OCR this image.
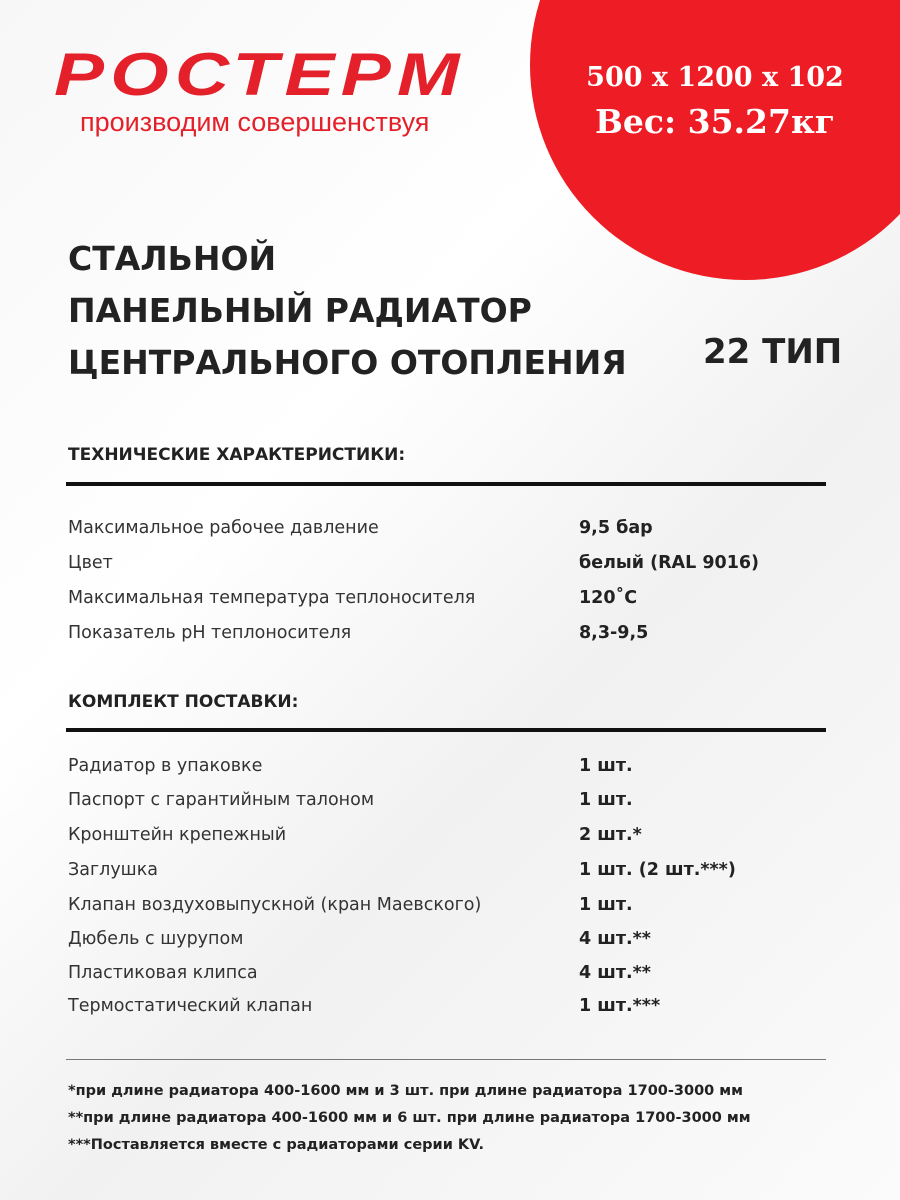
500 x 1200 x 102
Вес: 35.27кг
РОСТЕРМ
производим совершенствуя
СТАЛЬНОЙ
ПАНЕЛЬНЫЙ РАДИАТОР
ЦЕНТРАЛЬНОГО ОТОПЛЕНИЯ 22 ТИП
ТЕХНИЧЕСКИЕ ХАРАКТЕРИСТИКИ:
Максимальное рабочее давление	9,5 бар
Цвет	белый (RAL 9016)
Максимальная температура теплоносителя	120˚С
Показатель pH теплоносителя	8,3-9,5
КОМПЛЕКТ ПОСТАВКИ:
Радиатор в упаковке	1 шт.
Паспорт с гарантийным талоном	1 шт.
Кронштейн крепежный	2 шт.*
Заглушка	1 шт. (2 шт.***)
Клапан воздуховыпускной (кран Маевского)	1 шт.
Дюбель с шурупом	4 шт.**
Пластиковая клипса	4 шт.**
Термостатический клапан	1 шт.***
*при длине радиатора 400-1600 мм и 3 шт. при длине радиатора 1700-3000 мм
**при длине радиатора 400-1600 мм и 6 шт. при длине радиатора 1700-3000 мм
***Поставляется вместе с радиаторами серии KV.
